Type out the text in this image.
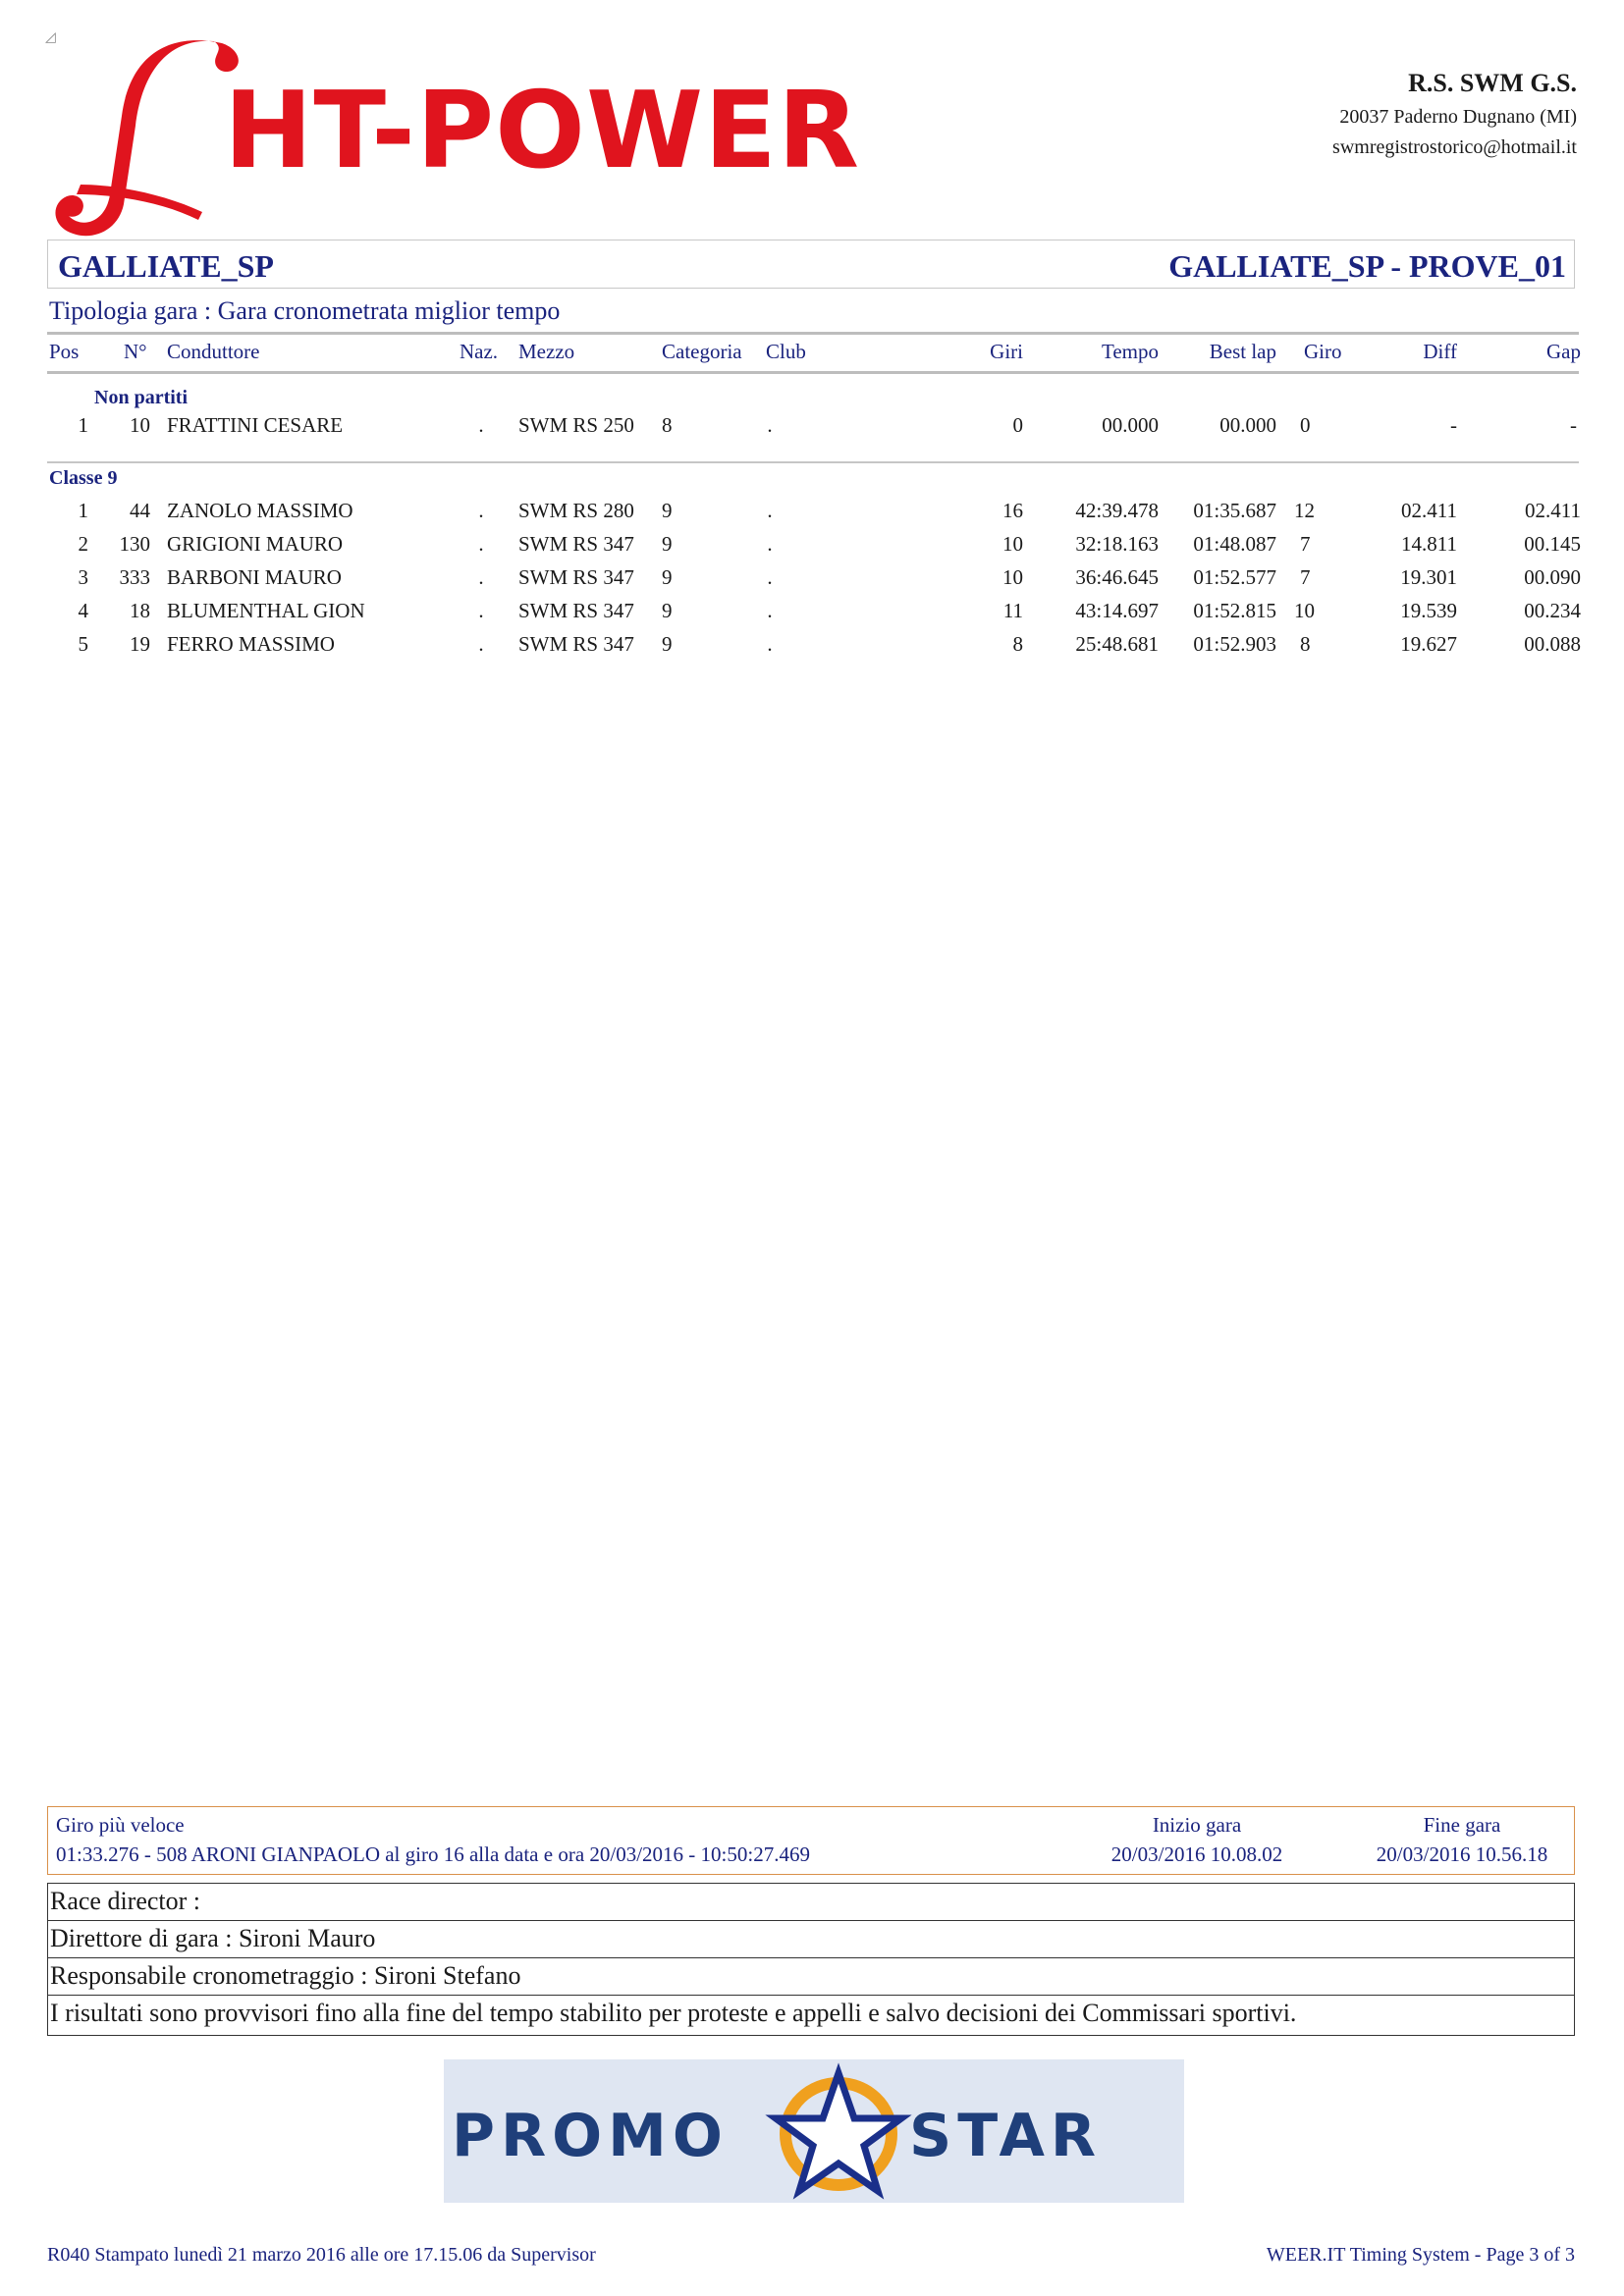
◿
HT-POWER	R.S. SWM G.S.
20037 Paderno Dugnano (MI)
swmregistrostorico@hotmail.it
GALLIATE_SP	GALLIATE_SP - PROVE_01
Tipologia gara : Gara cronometrata miglior tempo
Pos N° Conduttore	Naz. Mezzo	Categoria Club	Giri	Tempo	Best lap Giro	Diff	Gap
Non partiti
1	10 FRATTINI CESARE	.	SWM RS 250 8	.	0	00.000	00.000 0	-	-
Classe 9
1	44 ZANOLO MASSIMO	.	SWM RS 280 9	.	16	42:39.478	01:35.687 12	02.411	02.411
2	130 GRIGIONI MAURO	.	SWM RS 347 9	.	10	32:18.163	01:48.087 7	14.811	00.145
3	333 BARBONI MAURO	.	SWM RS 347 9	.	10	36:46.645	01:52.577 7	19.301	00.090
4	18 BLUMENTHAL GION	.	SWM RS 347 9	.	11	43:14.697	01:52.815 10	19.539	00.234
5	19 FERRO MASSIMO	.	SWM RS 347 9	.	8	25:48.681	01:52.903 8	19.627	00.088
Giro più veloce
01:33.276 - 508 ARONI GIANPAOLO al giro 16 alla data e ora 20/03/2016 - 10:50:27.469
Inizio gara
20/03/2016 10.08.02
Fine gara
20/03/2016 10.56.18
Race director :
Direttore di gara : Sironi Mauro
Responsabile cronometraggio : Sironi Stefano
I risultati sono provvisori fino alla fine del tempo stabilito per proteste e appelli e salvo decisioni dei Commissari sportivi.
PROMO	STAR
R040 Stampato lunedì 21 marzo 2016 alle ore 17.15.06 da Supervisor	WEER.IT Timing System - Page 3 of 3
